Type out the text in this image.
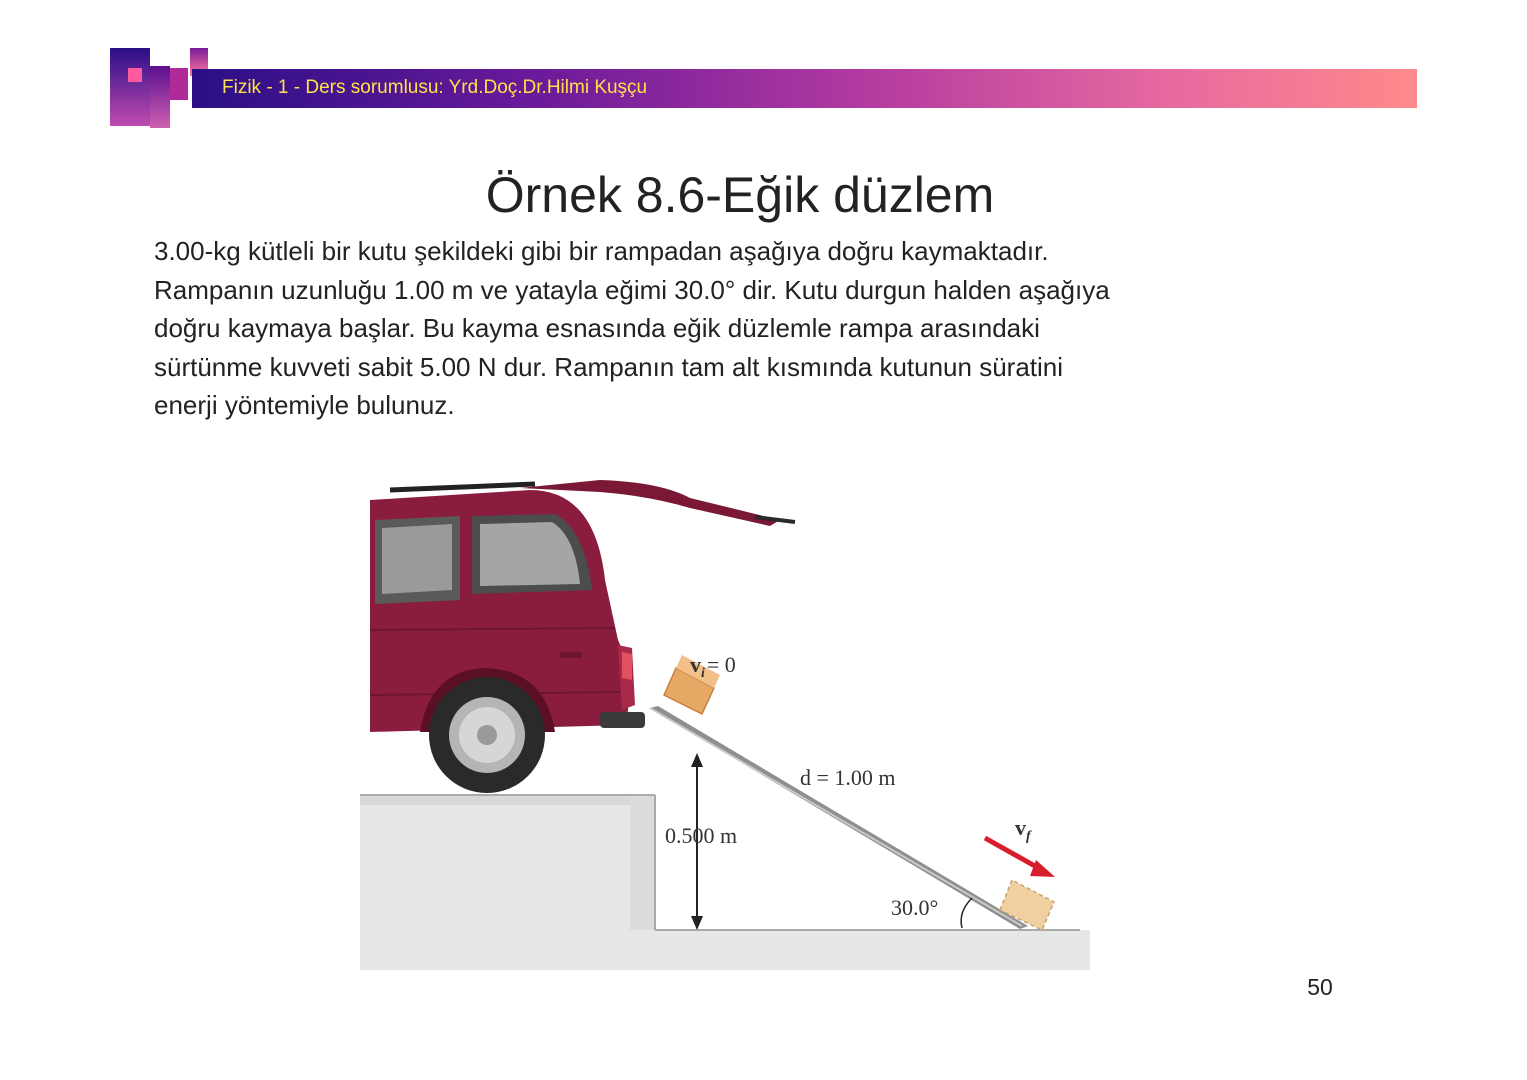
Fizik - 1 - Ders sorumlusu: Yrd.Doç.Dr.Hilmi Kuşçu
Örnek 8.6-Eğik düzlem
3.00-kg kütleli bir kutu şekildeki gibi bir rampadan aşağıya doğru kaymaktadır.
Rampanın uzunluğu 1.00 m ve yatayla eğimi 30.0° dir. Kutu durgun halden aşağıya
doğru kaymaya başlar. Bu kayma esnasında eğik düzlemle rampa arasındaki
sürtünme kuvveti sabit 5.00 N dur. Rampanın tam alt kısmında kutunun süratini
enerji yöntemiyle bulunuz.
$v_i= 0$
d = 1.00 m
0.500 m	$v_f$
30.0°
50
